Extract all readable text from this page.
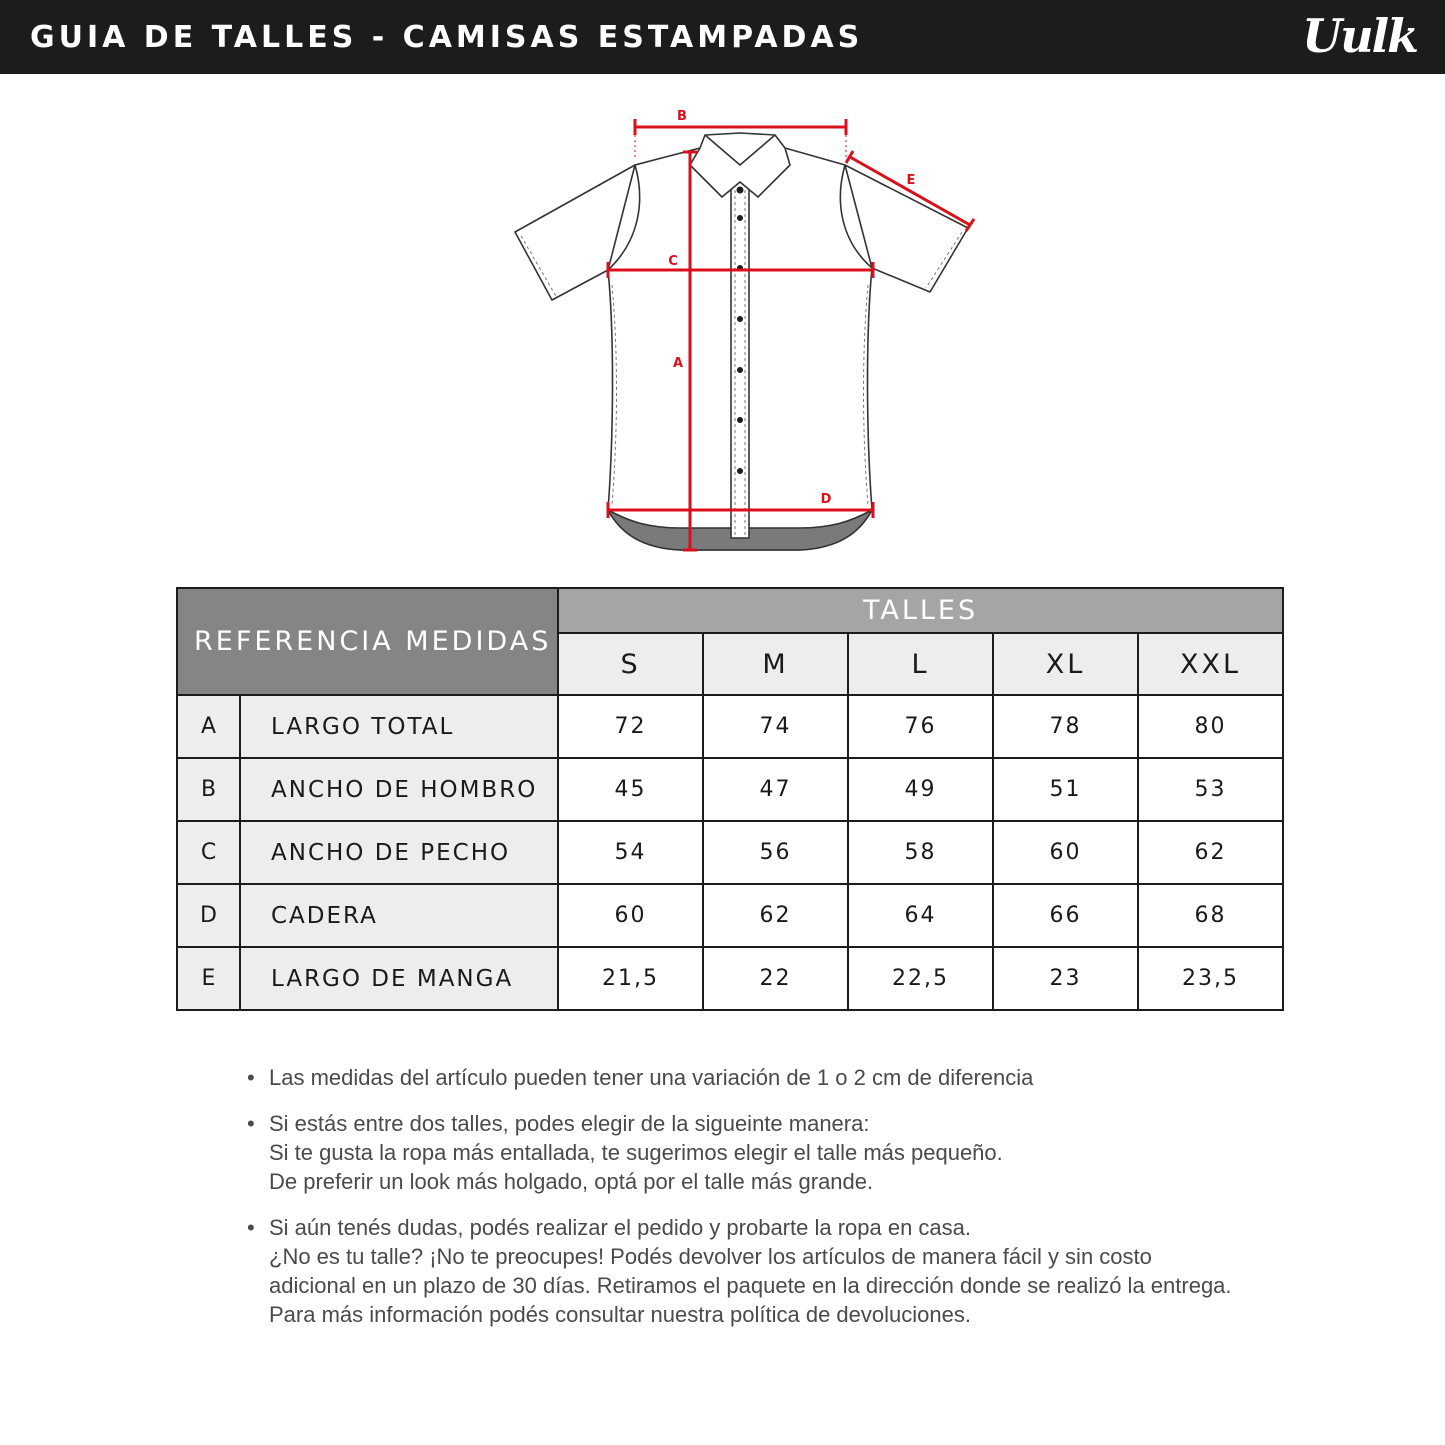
GUIA DE TALLES - CAMISAS ESTAMPADAS	Uulk
B
E
C
A
D
REFERENCIA MEDIDAS		TALLES				
		S	M	L	XL	XXL
A	LARGO TOTAL	72	74	76	78	80
B	ANCHO DE HOMBRO	45	47	49	51	53
C	ANCHO DE PECHO	54	56	58	60	62
D	CADERA	60	62	64	66	68
E	LARGO DE MANGA	21,5	22	22,5	23	23,5
• Las medidas del artículo pueden tener una variación de 1 o 2 cm de diferencia
• Si estás entre dos talles, podes elegir de la sigueinte manera:
Si te gusta la ropa más entallada, te sugerimos elegir el talle más pequeño.
De preferir un look más holgado, optá por el talle más grande.
• Si aún tenés dudas, podés realizar el pedido y probarte la ropa en casa.
¿No es tu talle? ¡No te preocupes! Podés devolver los artículos de manera fácil y sin costo
adicional en un plazo de 30 días. Retiramos el paquete en la dirección donde se realizó la entrega.
Para más información podés consultar nuestra política de devoluciones.
